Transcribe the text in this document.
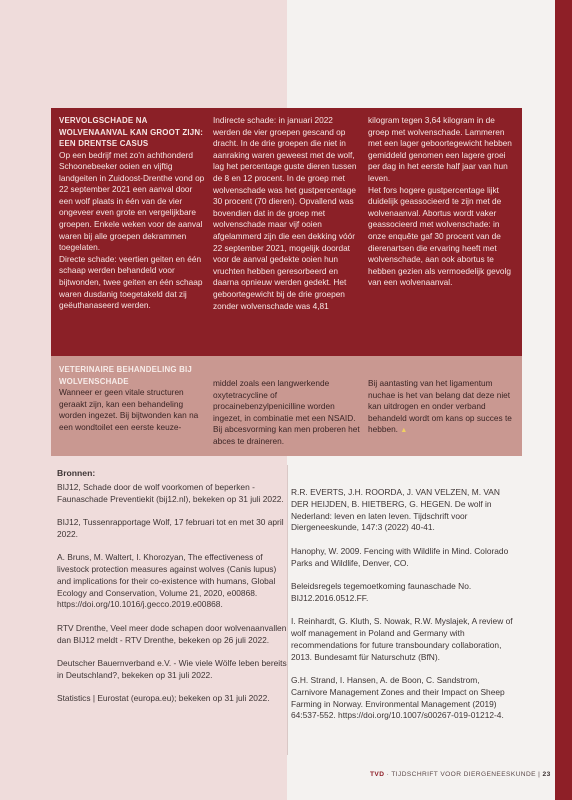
VERVOLGSCHADE NA WOLVENAANVAL KAN GROOT ZIJN: EEN DRENTSE CASUS

Op een bedrijf met zo'n achthonderd Schoonebeeker ooien en vijftig landgeiten in Zuidoost-Drenthe vond op 22 september 2021 een aanval door een wolf plaats in één van de vier ongeveer even grote en vergelijkbare groepen. Enkele weken voor de aanval waren bij alle groepen dekrammen toegelaten.

Directe schade: veertien geiten en één schaap werden behandeld voor bijtwonden, twee geiten en één schaap waren dusdanig toegetakeld dat zij geëuthanaseerd werden.

Indirecte schade: in januari 2022 werden de vier groepen gescand op dracht. In de drie groepen die niet in aanraking waren geweest met de wolf, lag het percentage guste dieren tussen de 8 en 12 procent. In de groep met wolvenschade was het gustpercentage 30 procent (70 dieren). Opvallend was bovendien dat in de groep met wolvenschade maar vijf ooien afgelammerd zijn die een dekking vóór 22 september 2021, mogelijk doordat voor de aanval gedekte ooien hun vruchten hebben geresorbeerd en daarna opnieuw werden gedekt. Het geboortegewicht bij de drie groepen zonder wolvenschade was 4,81

kilogram tegen 3,64 kilogram in de groep met wolvenschade. Lammeren met een lager geboortegewicht hebben gemiddeld genomen een lagere groei per dag in het eerste half jaar van hun leven.

Het fors hogere gustpercentage lijkt duidelijk geassocieerd te zijn met de wolvenaanval. Abortus wordt vaker geassocieerd met wolvenschade: in onze enquête gaf 30 procent van de dierenartsen die ervaring heeft met wolvenschade, aan ook abortus te hebben gezien als vermoedelijk gevolg van een wolvenaanval.

VETERINAIRE BEHANDELING BIJ WOLVENSCHADE

Wanneer er geen vitale structuren geraakt zijn, kan een behandeling worden ingezet. Bij bijtwonden kan na een wondtoilet een eerste keuze-

middel zoals een langwerkende oxytetracycline of procainebenzylpenicilline worden ingezet, in combinatie met een NSAID. Bij abcesvorming kan men proberen het abces te draineren.

Bij aantasting van het ligamentum nuchae is het van belang dat deze niet kan uitdrogen en onder verband behandeld wordt om kans op succes te hebben. ▲

Bronnen:

BIJ12, Schade door de wolf voorkomen of beperken - Faunaschade Preventiekit (bij12.nl), bekeken op 31 juli 2022.

BIJ12, Tussenrapportage Wolf, 17 februari tot en met 30 april 2022.

A. Bruns, M. Waltert, I. Khorozyan, The effectiveness of livestock protection measures against wolves (Canis lupus) and implications for their co-existence with humans, Global Ecology and Conservation, Volume 21, 2020, e00868. https://doi.org/10.1016/j.gecco.2019.e00868.

RTV Drenthe, Veel meer dode schapen door wolvenaanvallen dan BIJ12 meldt - RTV Drenthe, bekeken op 26 juli 2022.

Deutscher Bauernverband e.V. - Wie viele Wölfe leben bereits in Deutschland?, bekeken op 31 juli 2022.

Statistics | Eurostat (europa.eu); bekeken op 31 juli 2022.

R.R. EVERTS, J.H. ROORDA, J. VAN VELZEN, M. VAN DER HEIJDEN, B. HIETBERG, G. HEGEN. De wolf in Nederland: leven en laten leven. Tijdschrift voor Diergeneeskunde, 147:3 (2022) 40-41.

Hanophy, W. 2009. Fencing with Wildlife in Mind. Colorado Parks and Wildlife, Denver, CO.

Beleidsregels tegemoetkoming faunaschade No. BIJ12.2016.0512.FF.

I. Reinhardt, G. Kluth, S. Nowak, R.W. Myslajek, A review of wolf management in Poland and Germany with recommendations for future transboundary collaboration, 2013. Bundesamt für Naturschutz (BfN).

G.H. Strand, I. Hansen, A. de Boon, C. Sandstrom, Carnivore Management Zones and their Impact on Sheep Farming in Norway. Environmental Management (2019) 64:537-552. https://doi.org/10.1007/s00267-019-01212-4.

TVD · TIJDSCHRIFT VOOR DIERGENEESKUNDE | 23
